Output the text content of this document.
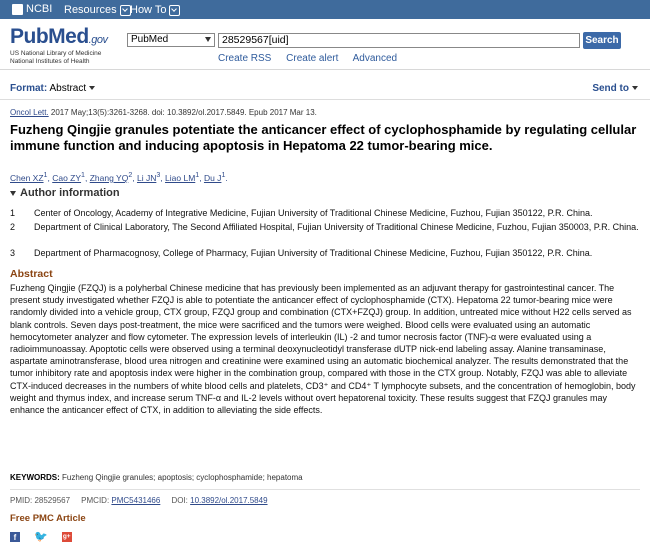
NCBI Resources How To
PubMed.gov
US National Library of Medicine
National Institutes of Health
PubMed	28529567[uid]	Search
Create RSS Create alert Advanced
Format: Abstract	Send to
Oncol Lett. 2017 May;13(5):3261-3268. doi: 10.3892/ol.2017.5849. Epub 2017 Mar 13.
Fuzheng Qingjie granules potentiate the anticancer effect of cyclophosphamide by regulating cellular immune function and inducing apoptosis in Hepatoma 22 tumor-bearing mice.
Chen $XZ^1$, Cao $ZY^1$, Zhang $YQ^2$, Li $JN^3$, Liao $LM^1$, Du $J^1$.
Author information
1	Center of Oncology, Academy of Integrative Medicine, Fujian University of Traditional Chinese Medicine, Fuzhou, Fujian 350122, P.R. China.
2	Department of Clinical Laboratory, The Second Affiliated Hospital, Fujian University of Traditional Chinese Medicine, Fuzhou, Fujian 350003, P.R. China.
3	Department of Pharmacognosy, College of Pharmacy, Fujian University of Traditional Chinese Medicine, Fuzhou, Fujian 350122, P.R. China.
Abstract
Fuzheng Qingjie (FZQJ) is a polyherbal Chinese medicine that has previously been implemented as an adjuvant therapy for gastrointestinal cancer. The present study investigated whether FZQJ is able to potentiate the anticancer effect of cyclophosphamide (CTX). Hepatoma 22 tumor-bearing mice were randomly divided into a vehicle group, CTX group, FZQJ group and combination (CTX+FZQJ) group. In addition, untreated mice without H22 cells served as blank controls. Seven days post-treatment, the mice were sacrificed and the tumors were weighed. Blood cells were evaluated using an automatic hemocytometer analyzer and flow cytometer. The expression levels of interleukin (IL) -2 and tumor necrosis factor (TNF)-α were evaluated using a radioimmunoassay. Apoptotic cells were observed using a terminal deoxynucleotidyl transferase dUTP nick-end labeling assay. Alanine transaminase, aspartate aminotransferase, blood urea nitrogen and creatinine were examined using an automatic biochemical analyzer. The results demonstrated that the tumor inhibitory rate and apoptosis index were higher in the combination group, compared with those in the CTX group. Notably, FZQJ was able to alleviate CTX-induced decreases in the numbers of white blood cells and platelets, CD3⁺ and CD4⁺ T lymphocyte subsets, and the concentration of hemoglobin, body weight and thymus index, and increase serum TNF-α and IL-2 levels without overt hepatorenal toxicity. These results suggest that FZQJ granules may enhance the anticancer effect of CTX, in addition to alleviating the side effects.
KEYWORDS: Fuzheng Qingjie granules; apoptosis; cyclophosphamide; hepatoma
PMID: 28529567 PMCID: PMC5431466 DOI: 10.3892/ol.2017.5849
Free PMC Article
f	🐦 g+
